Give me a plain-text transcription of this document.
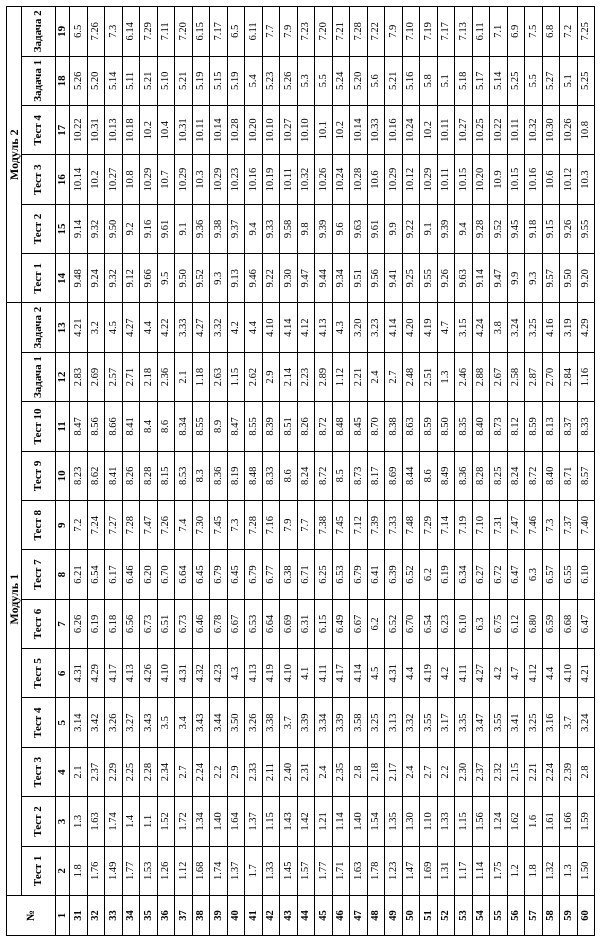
№	Модуль 1												Модуль 2					
	Тест 1	Тест 2	Тест 3	Тест 4	Тест 5	Тест 6	Тест 7	Тест 8	Тест 9	Тест 10	Задача 1	Задача 2	Тест 1	Тест 2	Тест 3	Тест 4	Задача 1	Задача 2
1	2	3	4	5	6	7	8	9	10	11	12	13	14	15	16	17	18	19
31	1.8	1.3	2.1	3.14	4.31	6.26	6.21	7.2	8.23	8.47	2.83	4.21	9.48	9.14	10.14	10.22	5.26	6.5
32	1.76	1.63	2.37	3.42	4.29	6.19	6.54	7.24	8.62	8.56	2.69	3.2	9.24	9.32	10.2	10.31	5.20	7.26
33	1.49	1.74	2.29	3.26	4.17	6.18	6.17	7.27	8.41	8.66	2.57	4.5	9.32	9.50	10.27	10.13	5.14	7.3
34	1.77	1.4	2.25	3.27	4.13	6.56	6.46	7.28	8.26	8.41	2.71	4.27	9.12	9.2	10.8	10.18	5.11	6.14
35	1.53	1.1	2.28	3.43	4.26	6.73	6.20	7.47	8.28	8.4	2.18	4.4	9.66	9.16	10.29	10.2	5.21	7.29
36	1.26	1.52	2.34	3.5	4.10	6.51	6.70	7.26	8.15	8.6	2.36	4.22	9.5	9.61	10.7	10.4	5.10	7.11
37	1.12	1.72	2.7	3.4	4.31	6.73	6.64	7.4	8.53	8.34	2.1	3.33	9.50	9.1	10.29	10.31	5.21	7.20
38	1.68	1.34	2.24	3.43	4.32	6.46	6.45	7.30	8.3	8.55	1.18	4.27	9.52	9.36	10.3	10.11	5.19	6.15
39	1.74	1.40	2.2	3.44	4.23	6.78	6.79	7.45	8.36	8.9	2.63	3.32	9.3	9.38	10.29	10.14	5.15	7.17
40	1.37	1.64	2.9	3.50	4.3	6.67	6.45	7.3	8.19	8.47	1.15	4.2	9.13	9.37	10.23	10.28	5.19	6.5
41	1.7	1.37	2.33	3.26	4.13	6.53	6.79	7.28	8.48	8.55	2.62	4.4	9.46	9.4	10.16	10.20	5.4	6.11
42	1.33	1.15	2.11	3.38	4.19	6.64	6.77	7.16	8.33	8.39	2.9	4.10	9.22	9.33	10.19	10.10	5.23	7.7
43	1.45	1.43	2.40	3.7	4.10	6.69	6.38	7.9	8.6	8.51	2.14	4.14	9.30	9.58	10.11	10.27	5.26	7.9
44	1.57	1.42	2.31	3.39	4.1	6.31	6.71	7.7	8.24	8.26	2.23	4.12	9.47	9.8	10.32	10.10	5.3	7.23
45	1.77	1.21	2.4	3.34	4.11	6.15	6.25	7.38	8.72	8.72	2.89	4.13	9.44	9.39	10.26	10.1	5.5	7.20
46	1.71	1.14	2.35	3.39	4.17	6.49	6.53	7.45	8.5	8.48	1.12	4.3	9.34	9.6	10.24	10.2	5.24	7.21
47	1.63	1.40	2.8	3.58	4.14	6.67	6.79	7.12	8.73	8.45	2.21	3.20	9.51	9.63	10.28	10.14	5.20	7.28
48	1.78	1.54	2.18	3.25	4.5	6.2	6.41	7.39	8.17	8.70	2.4	3.23	9.56	9.61	10.6	10.33	5.6	7.22
49	1.23	1.35	2.17	3.13	4.31	6.52	6.39	7.33	8.69	8.38	2.7	4.14	9.41	9.9	10.29	10.16	5.21	7.9
50	1.47	1.30	2.4	3.32	4.4	6.70	6.52	7.48	8.44	8.63	2.48	4.20	9.25	9.22	10.12	10.24	5.16	7.10
51	1.69	1.10	2.7	3.55	4.19	6.54	6.2	7.29	8.6	8.59	2.51	4.19	9.55	9.1	10.29	10.2	5.8	7.19
52	1.31	1.33	2.2	3.17	4.2	6.23	6.19	7.14	8.49	8.50	1.3	4.7	9.26	9.39	10.11	10.11	5.1	7.17
53	1.17	1.15	2.30	3.35	4.11	6.10	6.34	7.19	8.36	8.35	2.46	3.15	9.63	9.4	10.15	10.27	5.18	7.13
54	1.14	1.56	2.37	3.47	4.27	6.3	6.27	7.10	8.28	8.40	2.88	4.24	9.14	9.28	10.20	10.25	5.17	6.11
55	1.75	1.24	2.32	3.55	4.2	6.75	6.72	7.31	8.25	8.73	2.67	3.8	9.47	9.52	10.9	10.22	5.14	7.1
56	1.2	1.62	2.15	3.41	4.7	6.12	6.47	7.47	8.24	8.12	2.58	3.24	9.9	9.45	10.15	10.11	5.25	6.9
57	1.8	1.6	2.21	3.25	4.12	6.80	6.3	7.46	8.72	8.59	2.87	3.25	9.3	9.18	10.16	10.32	5.5	7.5
58	1.32	1.61	2.24	3.16	4.4	6.59	6.57	7.3	8.40	8.13	2.70	4.16	9.57	9.15	10.6	10.30	5.27	6.8
59	1.3	1.66	2.39	3.7	4.10	6.68	6.55	7.37	8.71	8.37	2.84	3.19	9.50	9.26	10.12	10.26	5.1	7.2
60	1.50	1.59	2.8	3.24	4.21	6.47	6.10	7.40	8.57	8.33	1.16	4.29	9.20	9.55	10.3	10.8	5.25	7.25
